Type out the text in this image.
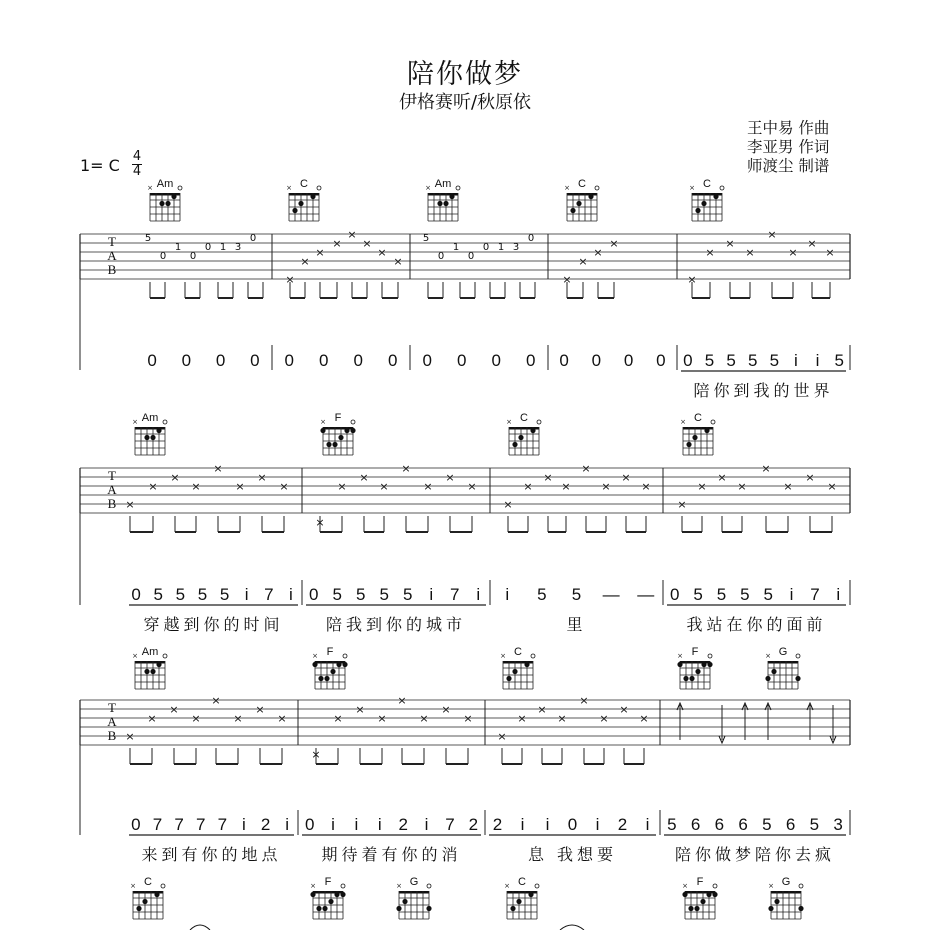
陪你做梦
伊格赛听/秋原依
王中易 作曲
李亚男 作词
师渡尘 制谱
1= C 4
4
Am
×	C
×	Am
×	C
×	C
×
T
A
B
5
0
1
0
0 1 3
0	5
0
1
0
0 1 3
0
×
×
×
×
×
×
×
×
×
×
×
×
×
×
×
×
×
×
×
×
0 0 0 0 0 0 0 0 0 0 0 0 0 0 0 0 0 5 5 5 5 i i 5
陪你到我的世界
Am
×	F
×	C
×	C
×
T
A
B ×
×
×
×
×
×
×
×
×
×
×
×
×
×
×
×
×
×
×
×
×
×
×
×
×
×
×
×
×
×
×
×
0 5 5 5 5 i 7 i
穿越到你的时间
0 5 5 5 5 i 7 i
陪我到你的城市
i 5 5 — —
里
0 5 5 5 5 i 7 i
我站在你的面前
Am
×	F
×	C
×	F
×	G
×
T
A
B ×
×
×
×
×
×
×
×
×
×
×
×
×
×
×
×
×
×
×
×
×
×
×
×
0 7 7 7 7 i 2 i
来到有你的地点
0 i i i 2 i 7 2
期待着有你的消
2 i i 0 i 2 i
息 我想要
5 6 6 6 5 6 5 3
陪你做梦陪你去疯
C
×	F
×	G
×	C
×	F
×	G
×
